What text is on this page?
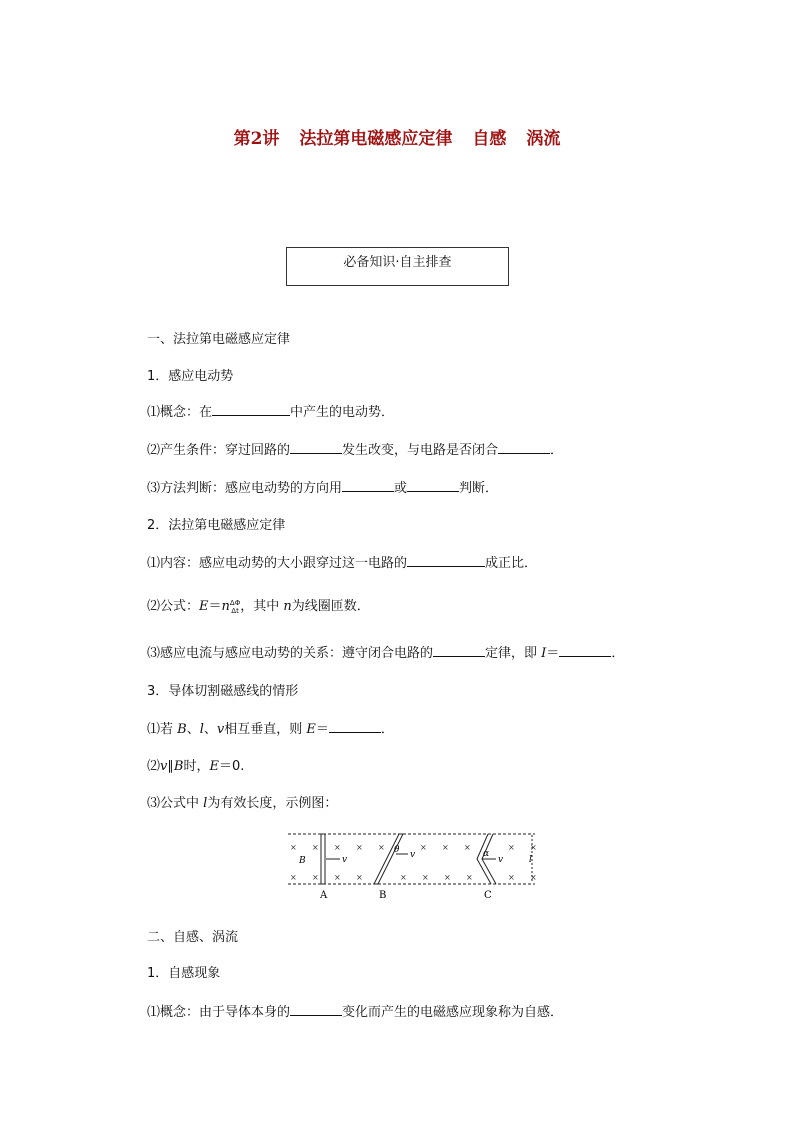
第2讲 法拉第电磁感应定律 自感 涡流
必备知识·自主排查
一、法拉第电磁感应定律
1．感应电动势
⑴概念：在	中产生的电动势．
⑵产生条件：穿过回路的	发生改变，与电路是否闭合	．
⑶方法判断：感应电动势的方向用	或	判断．
2．法拉第电磁感应定律
⑴内容：感应电动势的大小跟穿过这一电路的	成正比．
⑵公式：E＝n ΔΦ
Δt ，其中 n为线圈匝数．
⑶感应电流与感应电动势的关系：遵守闭合电路的	定律，即 I＝	．
3．导体切割磁感线的情形
⑴若 B、l、v相互垂直，则 E＝	．
⑵v∥B时，E＝0.
⑶公式中 l为有效长度，示例图：
× × × × ×	× × ×	× ×
× × × ×	× × × ×	× ×
v	v
θ
v
α
B	l
A	B	C
二、自感、涡流
1．自感现象
⑴概念：由于导体本身的	变化而产生的电磁感应现象称为自感．
